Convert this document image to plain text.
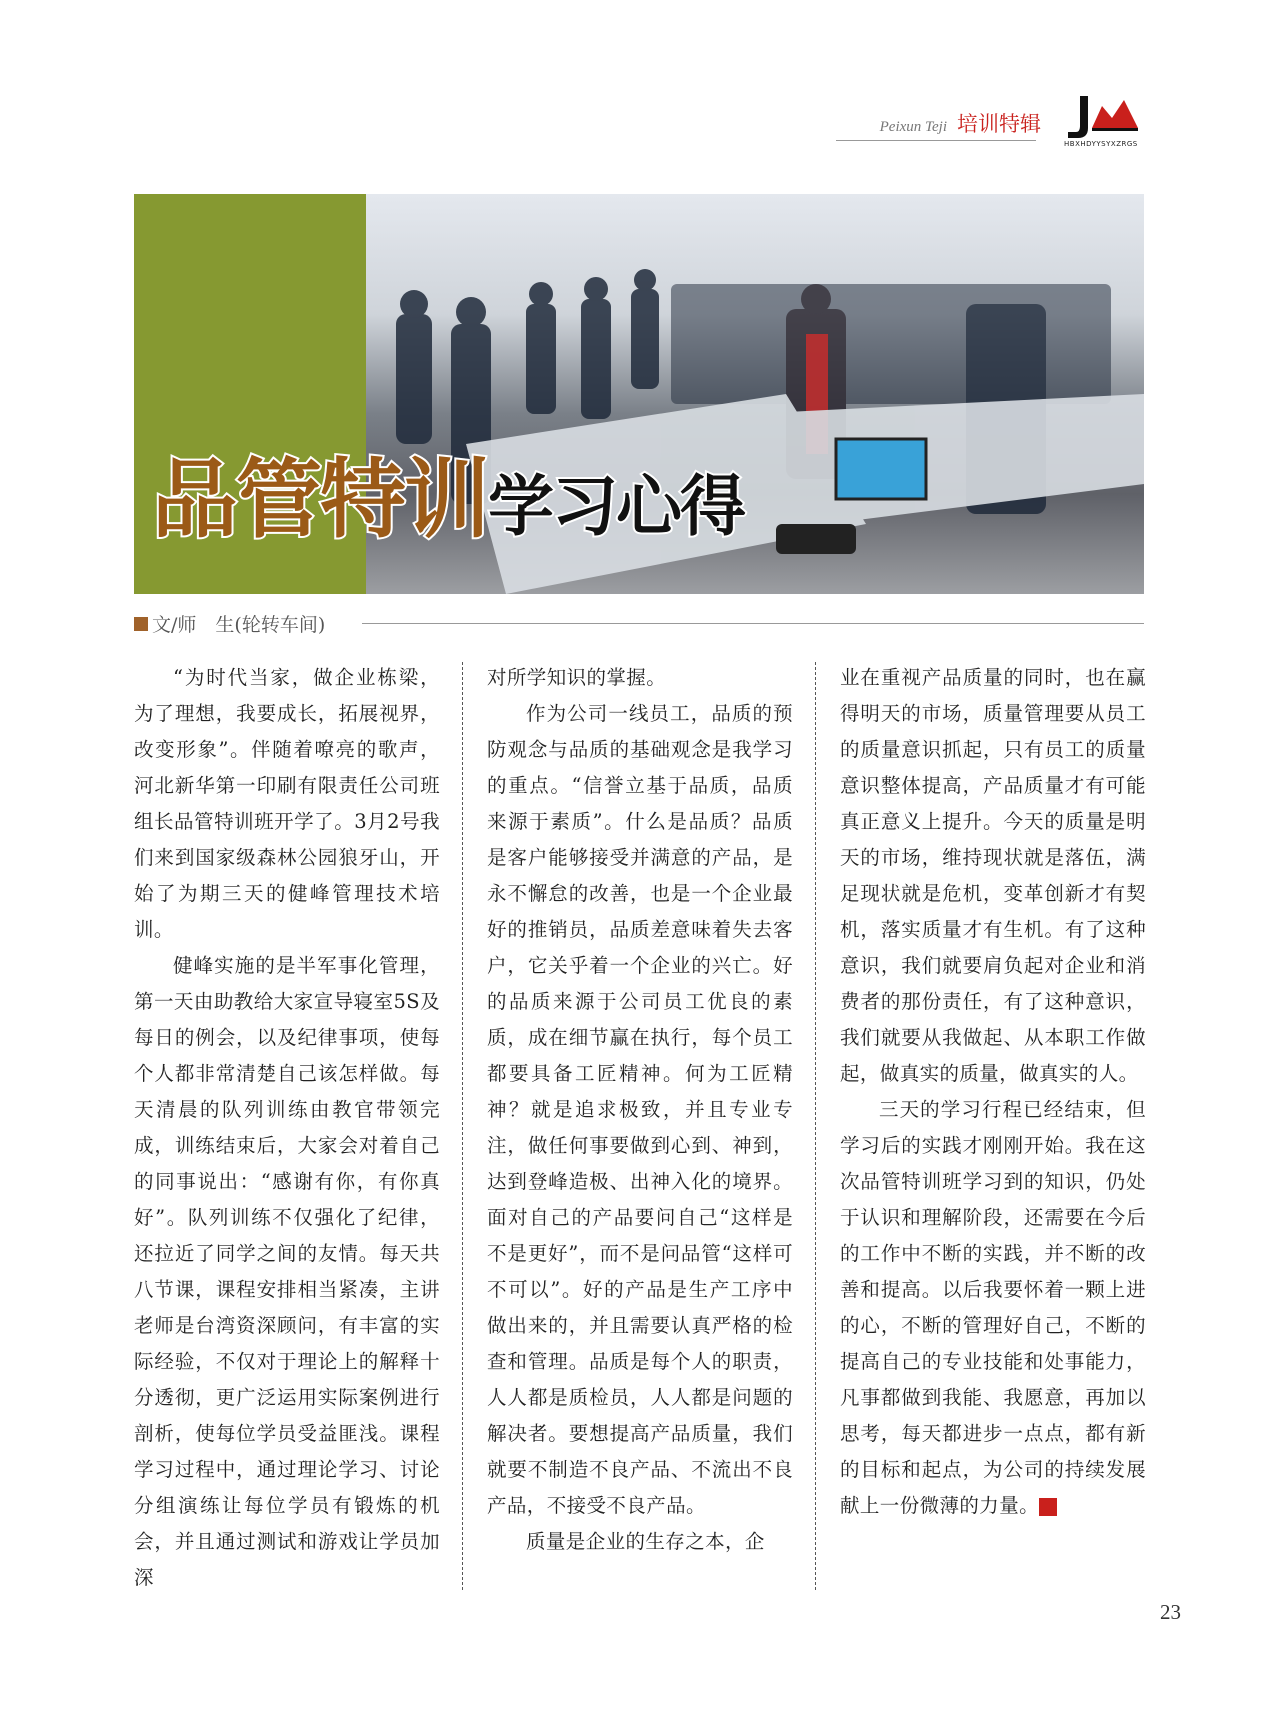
Peixun Teji 培训特辑
HBXHDYYSYXZRGS
品管特训 学习心得
文/师　生(轮转车间)

“为时代当家，做企业栋梁，为了理想，我要成长，拓展视界，改变形象”。伴随着嘹亮的歌声，河北新华第一印刷有限责任公司班组长品管特训班开学了。3月2号我们来到国家级森林公园狼牙山，开始了为期三天的健峰管理技术培训。

健峰实施的是半军事化管理，第一天由助教给大家宣导寝室5S及每日的例会，以及纪律事项，使每个人都非常清楚自己该怎样做。每天清晨的队列训练由教官带领完成，训练结束后，大家会对着自己的同事说出：“感谢有你，有你真好”。队列训练不仅强化了纪律，还拉近了同学之间的友情。每天共八节课，课程安排相当紧凑，主讲老师是台湾资深顾问，有丰富的实际经验，不仅对于理论上的解释十分透彻，更广泛运用实际案例进行剖析，使每位学员受益匪浅。课程学习过程中，通过理论学习、讨论分组演练让每位学员有锻炼的机会，并且通过测试和游戏让学员加深

对所学知识的掌握。

作为公司一线员工，品质的预防观念与品质的基础观念是我学习的重点。“信誉立基于品质，品质来源于素质”。什么是品质？品质是客户能够接受并满意的产品，是永不懈怠的改善，也是一个企业最好的推销员，品质差意味着失去客户，它关乎着一个企业的兴亡。好的品质来源于公司员工优良的素质，成在细节赢在执行，每个员工都要具备工匠精神。何为工匠精神？就是追求极致，并且专业专注，做任何事要做到心到、神到，达到登峰造极、出神入化的境界。面对自己的产品要问自己“这样是不是更好”，而不是问品管“这样可不可以”。好的产品是生产工序中做出来的，并且需要认真严格的检查和管理。品质是每个人的职责，人人都是质检员，人人都是问题的解决者。要想提高产品质量，我们就要不制造不良产品、不流出不良产品，不接受不良产品。

质量是企业的生存之本，企

业在重视产品质量的同时，也在赢得明天的市场，质量管理要从员工的质量意识抓起，只有员工的质量意识整体提高，产品质量才有可能真正意义上提升。今天的质量是明天的市场，维持现状就是落伍，满足现状就是危机，变革创新才有契机，落实质量才有生机。有了这种意识，我们就要肩负起对企业和消费者的那份责任，有了这种意识，我们就要从我做起、从本职工作做起，做真实的质量，做真实的人。

三天的学习行程已经结束，但学习后的实践才刚刚开始。我在这次品管特训班学习到的知识，仍处于认识和理解阶段，还需要在今后的工作中不断的实践，并不断的改善和提高。以后我要怀着一颗上进的心，不断的管理好自己，不断的提高自己的专业技能和处事能力，凡事都做到我能、我愿意，再加以思考，每天都进步一点点，都有新的目标和起点，为公司的持续发展献上一份微薄的力量。	新

23
